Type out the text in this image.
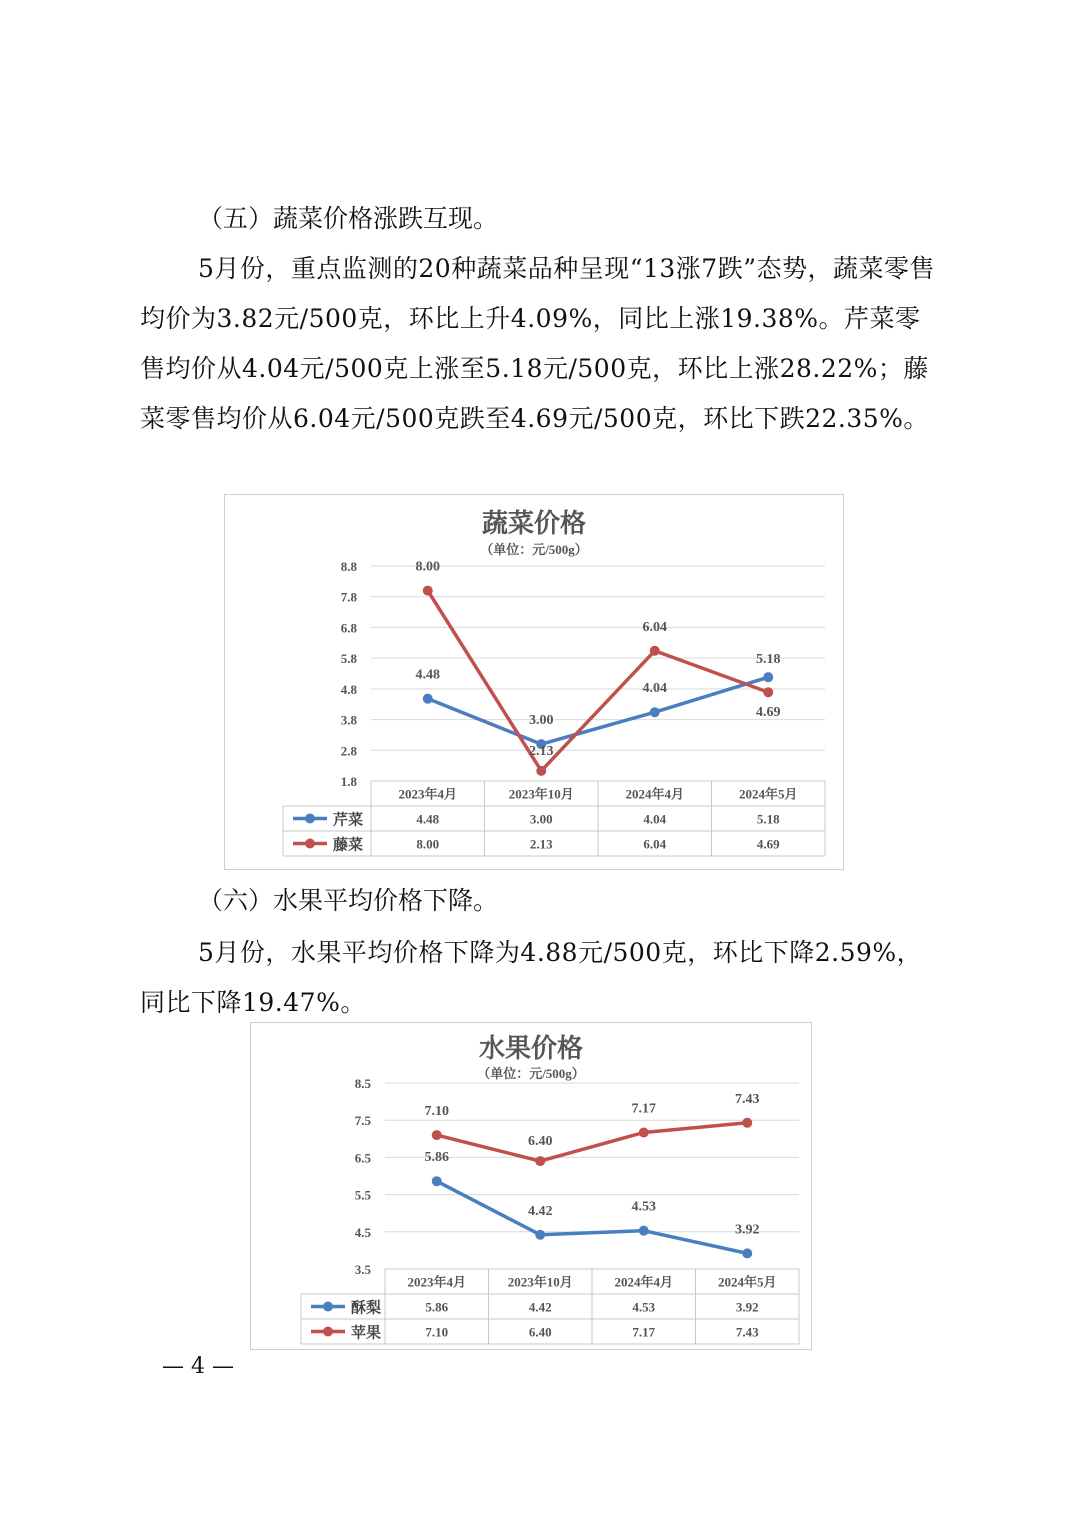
（五）蔬菜价格涨跌互现。
5月份，重点监测的20种蔬菜品种呈现“13涨7跌”态势，蔬菜零售均价为3.82元/500克，环比上升4.09%，同比上涨19.38%。芹菜零售均价从4.04元/500克上涨至5.18元/500克，环比上涨28.22%；藤菜零售均价从6.04元/500克跌至4.69元/500克，环比下跌22.35%。
蔬菜价格
（单位：元/500g）
1.8
2.8
3.8
4.8
5.8
6.8
7.8
8.8
2023年4月	2023年10月	2024年4月	2024年5月
4.48
3.00
4.04
5.18
芹菜	4.48	3.00	4.04	5.18
8.00
2.13
6.04
4.69
藤菜	8.00	2.13	6.04	4.69
（六）水果平均价格下降。
5月份，水果平均价格下降为4.88元/500克，环比下降2.59%，同比下降19.47%。
水果价格
（单位：元/500g）
3.5
4.5
5.5
6.5
7.5
8.5
2023年4月	2023年10月	2024年4月	2024年5月
5.86
4.42	4.53
3.92
酥梨	5.86	4.42	4.53	3.92
7.10
6.40
7.17
7.43
苹果	7.10	6.40	7.17	7.43
— 4 —
